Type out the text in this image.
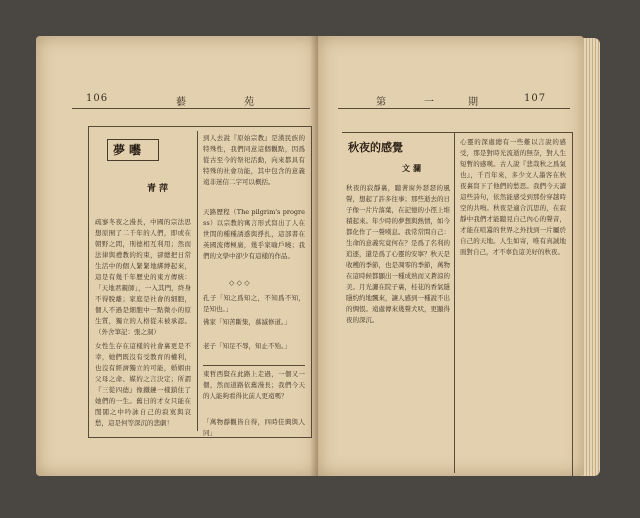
106	藝	苑
夢囈
青萍
疏寥冬夜之漫長，中國的宗法思想原囿了二千年的人們，即或在朝野之間，刑德相互利用；然而法律與禮教的約束，卻總把日常生活中的個人緊緊地綁縛起來，這是有幾千年歷史的東方傳統：「天地君親師」，一入其門，終身不得脫離；家庭是社會的細胞，個人不過是細胞中一點微小的原生質，獨立的人格從未被承認。（外舍筆記：張之洞）
女性生存在這樣的社會裏更是不幸，她們既沒有受教育的權利，也沒有經濟獨立的可能，婚姻由父母之命、媒妁之言決定；所謂『三從四德』像鐵鏈一樣鎖住了她們的一生。舊日的才女只能在閨閣之中吟詠自己的寂寞與哀愁，這是何等深沉的悲劇！
到人去說『原始宗教』是漢民族的特殊性，我們同意這個觀點，因爲從古至今的祭祀活動，向來都具有特殊的社會功能，其中包含的意義遠非迷信二字可以概括。
天路歷程（The pilgrim's progress）以宗教的寓言形式寫出了人在世間的種種誘惑與掙扎，這部書在英國流傳極廣，幾乎家喻戶曉；我們的文學中卻少有這樣的作品。
◇ ◇ ◇
孔子「知之爲知之，不知爲不知，是知也。」
佛家「知苦斷集，慕滅修道。」
老子「知足不辱，知止不殆。」
東哲西賢在此路上走過，一個又一個，然而道路依舊漫長；我們今天的人能夠看得比前人更遠嗎？
「萬物靜觀皆自得，四時佳興與人同」
第	一	期	107
秋夜的感覺
文瀾
秋夜的寂靜裏，聽著窗外瑟瑟的風聲，想起了許多往事；那些逝去的日子像一片片落葉，在記憶的小徑上堆積起來。年少時的夢想與熱情，如今都化作了一聲嘆息。我常常問自己：生命的意義究竟何在？是爲了名利的追逐，還是爲了心靈的安寧？秋天是收穫的季節，也是凋零的季節，萬物在這時候都顯出一種成熟而又蒼涼的美。月光灑在院子裏，桂花的香氣隱隱約約地飄來，讓人感到一種說不出的惆悵。遠處傳來幾聲犬吠，更顯得夜的深沉。
心靈的深處總有一些難以言說的感受，那是對時光流逝的無奈，對人生短暫的感嘆。古人說『悲哉秋之爲氣也』，千百年來，多少文人墨客在秋夜裏寫下了他們的愁思。我們今天讀這些詩句，依然能感受到那份穿越時空的共鳴。秋夜是適合沉思的，在寂靜中我們才能聽見自己內心的聲音，才能在喧囂的世界之外找到一片屬於自己的天地。人生如寄，唯有真誠地面對自己，才不辜負這美好的秋夜。
